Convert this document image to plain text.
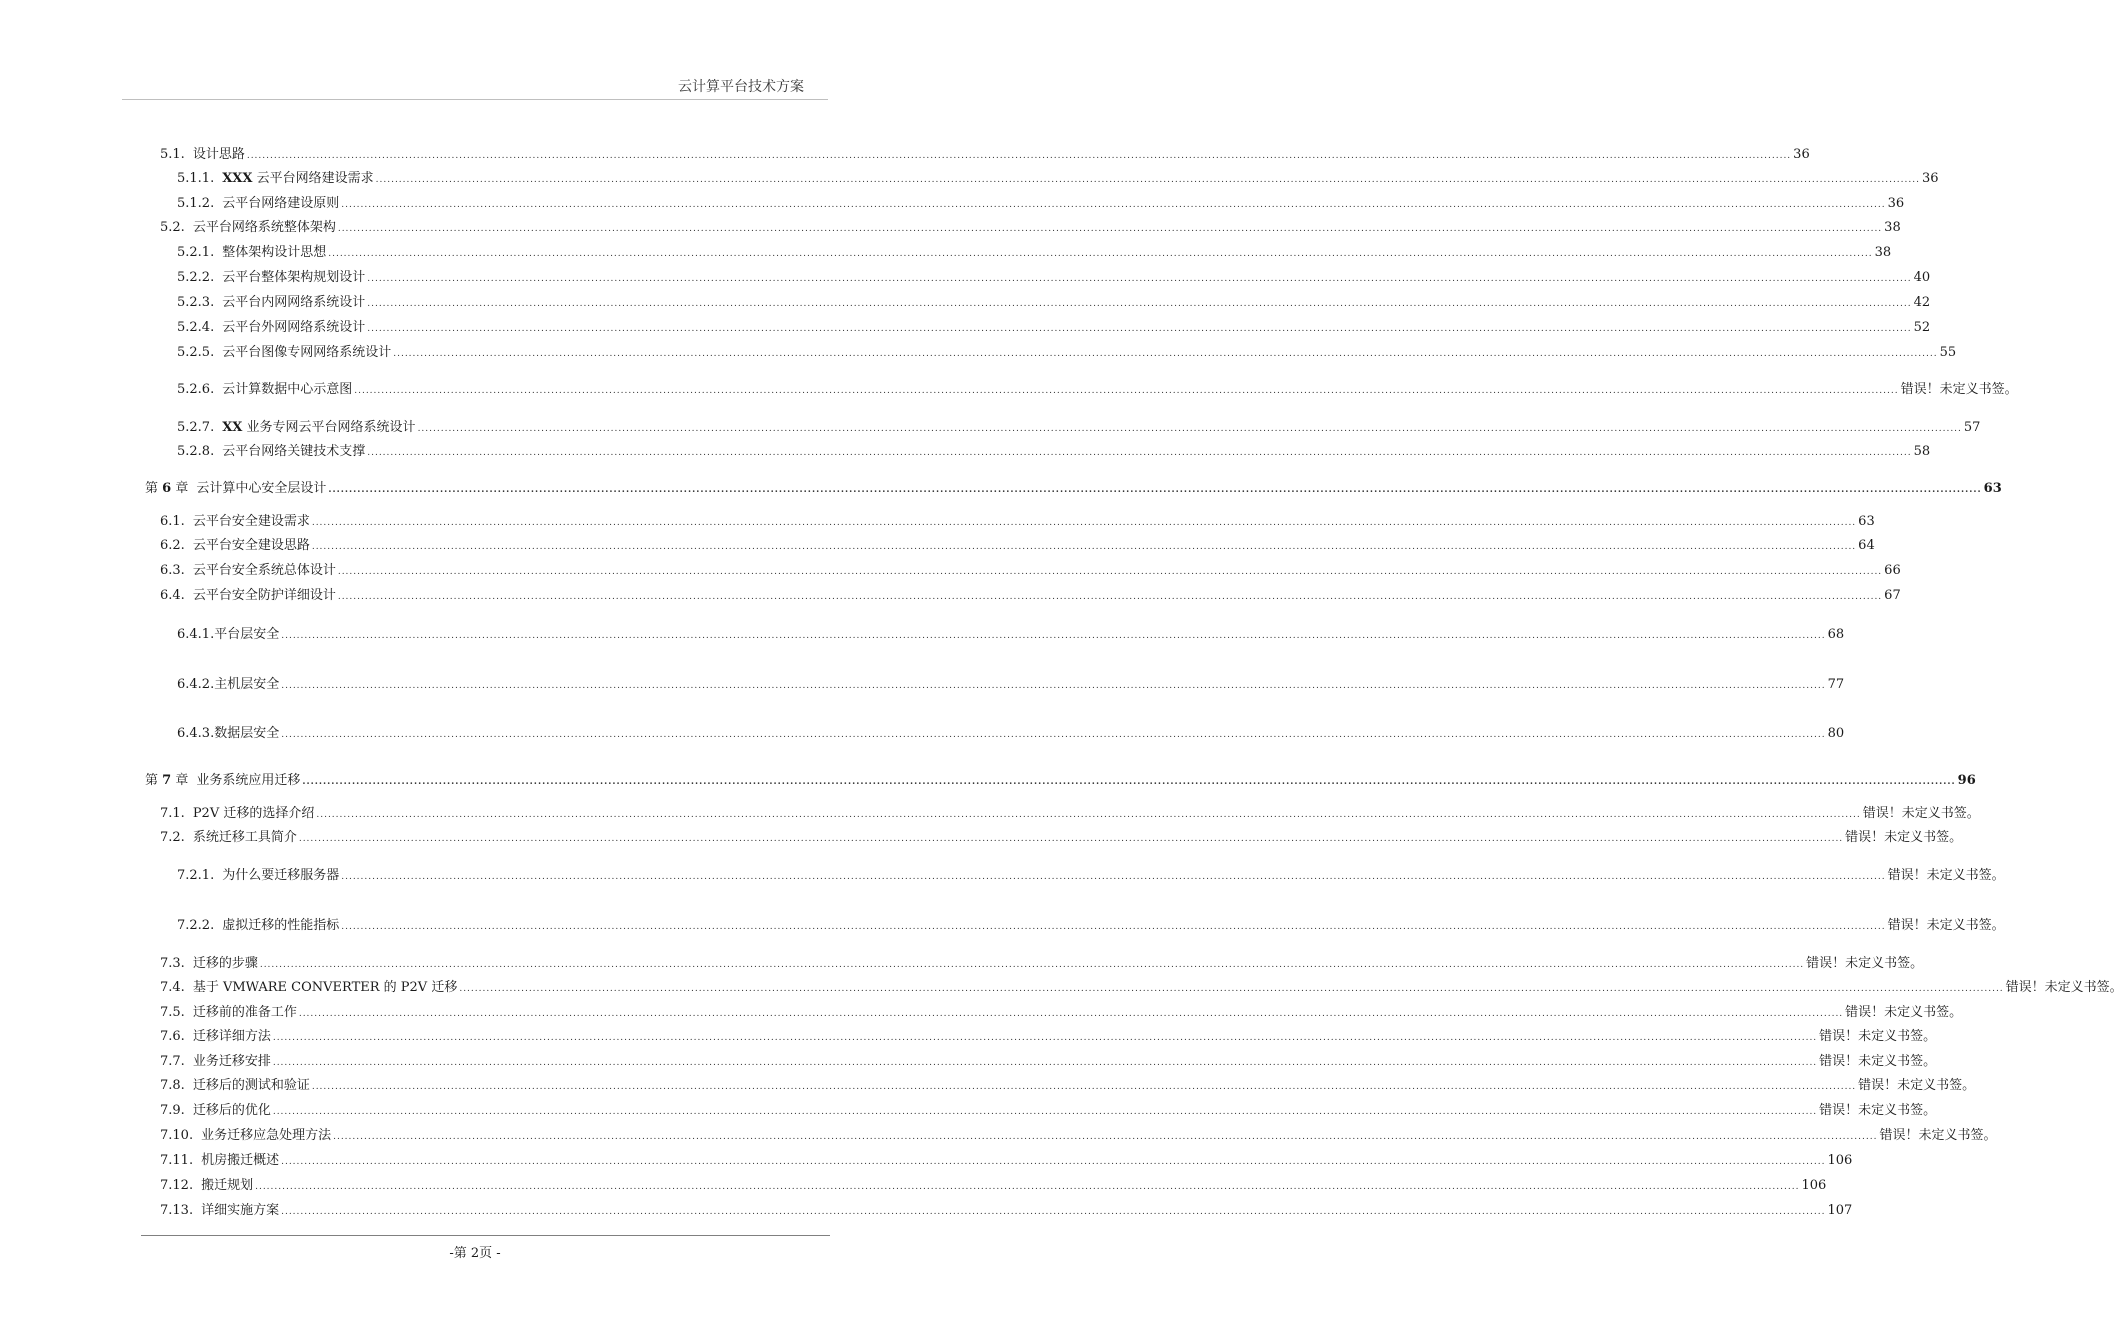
云计算平台技术方案
5.1. 设计思路 ................................................................................................................................................................................................................................................................................................................................................................................................................ 36
5.1.1. XXX 云平台网络建设需求 ................................................................................................................................................................................................................................................................................................................................................................................................................ 36
5.1.2. 云平台网络建设原则 ................................................................................................................................................................................................................................................................................................................................................................................................................ 36
5.2. 云平台网络系统整体架构 ................................................................................................................................................................................................................................................................................................................................................................................................................ 38
5.2.1. 整体架构设计思想 ................................................................................................................................................................................................................................................................................................................................................................................................................ 38
5.2.2. 云平台整体架构规划设计 ................................................................................................................................................................................................................................................................................................................................................................................................................ 40
5.2.3. 云平台内网网络系统设计 ................................................................................................................................................................................................................................................................................................................................................................................................................ 42
5.2.4. 云平台外网网络系统设计 ................................................................................................................................................................................................................................................................................................................................................................................................................ 52
5.2.5. 云平台图像专网网络系统设计 ................................................................................................................................................................................................................................................................................................................................................................................................................ 55
5.2.6. 云计算数据中心示意图 ................................................................................................................................................................................................................................................................................................................................................................................................................ 错误！未定义书签。
5.2.7. XX 业务专网云平台网络系统设计 ................................................................................................................................................................................................................................................................................................................................................................................................................ 57
5.2.8. 云平台网络关键技术支撑 ................................................................................................................................................................................................................................................................................................................................................................................................................ 58
第 6 章 云计算中心安全层设计 ................................................................................................................................................................................................................................................................................................................................................................................................................ 63
6.1. 云平台安全建设需求 ................................................................................................................................................................................................................................................................................................................................................................................................................ 63
6.2. 云平台安全建设思路 ................................................................................................................................................................................................................................................................................................................................................................................................................ 64
6.3. 云平台安全系统总体设计 ................................................................................................................................................................................................................................................................................................................................................................................................................ 66
6.4. 云平台安全防护详细设计 ................................................................................................................................................................................................................................................................................................................................................................................................................ 67
6.4.1. 平台层安全 ................................................................................................................................................................................................................................................................................................................................................................................................................ 68
6.4.2. 主机层安全 ................................................................................................................................................................................................................................................................................................................................................................................................................ 77
6.4.3. 数据层安全 ................................................................................................................................................................................................................................................................................................................................................................................................................ 80
第 7 章 业务系统应用迁移 ................................................................................................................................................................................................................................................................................................................................................................................................................ 96
7.1. P2V 迁移的选择介绍 ................................................................................................................................................................................................................................................................................................................................................................................................................ 错误！未定义书签。
7.2. 系统迁移工具简介 ................................................................................................................................................................................................................................................................................................................................................................................................................ 错误！未定义书签。
7.2.1. 为什么要迁移服务器 ................................................................................................................................................................................................................................................................................................................................................................................................................ 错误！未定义书签。
7.2.2. 虚拟迁移的性能指标 ................................................................................................................................................................................................................................................................................................................................................................................................................ 错误！未定义书签。
7.3. 迁移的步骤 ................................................................................................................................................................................................................................................................................................................................................................................................................ 错误！未定义书签。
7.4. 基于 VMWARE CONVERTER 的 P2V 迁移 ................................................................................................................................................................................................................................................................................................................................................................................................................ 错误！未定义书签。
7.5. 迁移前的准备工作 ................................................................................................................................................................................................................................................................................................................................................................................................................ 错误！未定义书签。
7.6. 迁移详细方法 ................................................................................................................................................................................................................................................................................................................................................................................................................ 错误！未定义书签。
7.7. 业务迁移安排 ................................................................................................................................................................................................................................................................................................................................................................................................................ 错误！未定义书签。
7.8. 迁移后的测试和验证 ................................................................................................................................................................................................................................................................................................................................................................................................................ 错误！未定义书签。
7.9. 迁移后的优化 ................................................................................................................................................................................................................................................................................................................................................................................................................ 错误！未定义书签。
7.10. 业务迁移应急处理方法 ................................................................................................................................................................................................................................................................................................................................................................................................................ 错误！未定义书签。
7.11. 机房搬迁概述 ................................................................................................................................................................................................................................................................................................................................................................................................................ 106
7.12. 搬迁规划 ................................................................................................................................................................................................................................................................................................................................................................................................................ 106
7.13. 详细实施方案 ................................................................................................................................................................................................................................................................................................................................................................................................................ 107
-第 2页 -
